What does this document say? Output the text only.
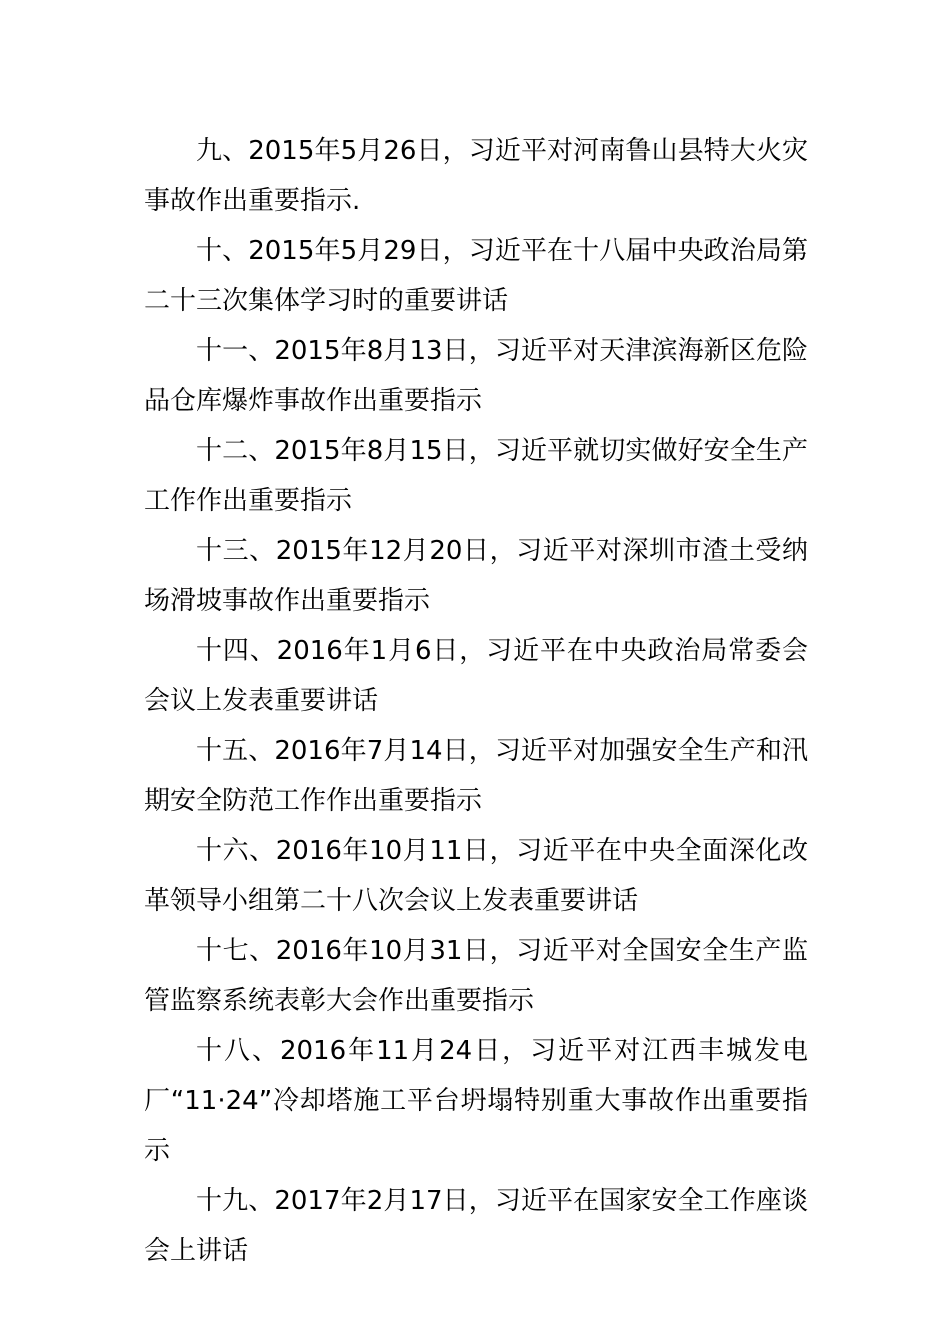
九、2015年5月26日，习近平对河南鲁山县特大火灾事故作出重要指示.

十、2015年5月29日，习近平在十八届中央政治局第二十三次集体学习时的重要讲话

十一、2015年8月13日，习近平对天津滨海新区危险品仓库爆炸事故作出重要指示

十二、2015年8月15日，习近平就切实做好安全生产工作作出重要指示

十三、2015年12月20日，习近平对深圳市渣土受纳场滑坡事故作出重要指示

十四、2016年1月6日，习近平在中央政治局常委会会议上发表重要讲话

十五、2016年7月14日，习近平对加强安全生产和汛期安全防范工作作出重要指示

十六、2016年10月11日，习近平在中央全面深化改革领导小组第二十八次会议上发表重要讲话

十七、2016年10月31日，习近平对全国安全生产监管监察系统表彰大会作出重要指示

十八、2016年11月24日，习近平对江西丰城发电厂“11·24”冷却塔施工平台坍塌特别重大事故作出重要指示

十九、2017年2月17日，习近平在国家安全工作座谈会上讲话
